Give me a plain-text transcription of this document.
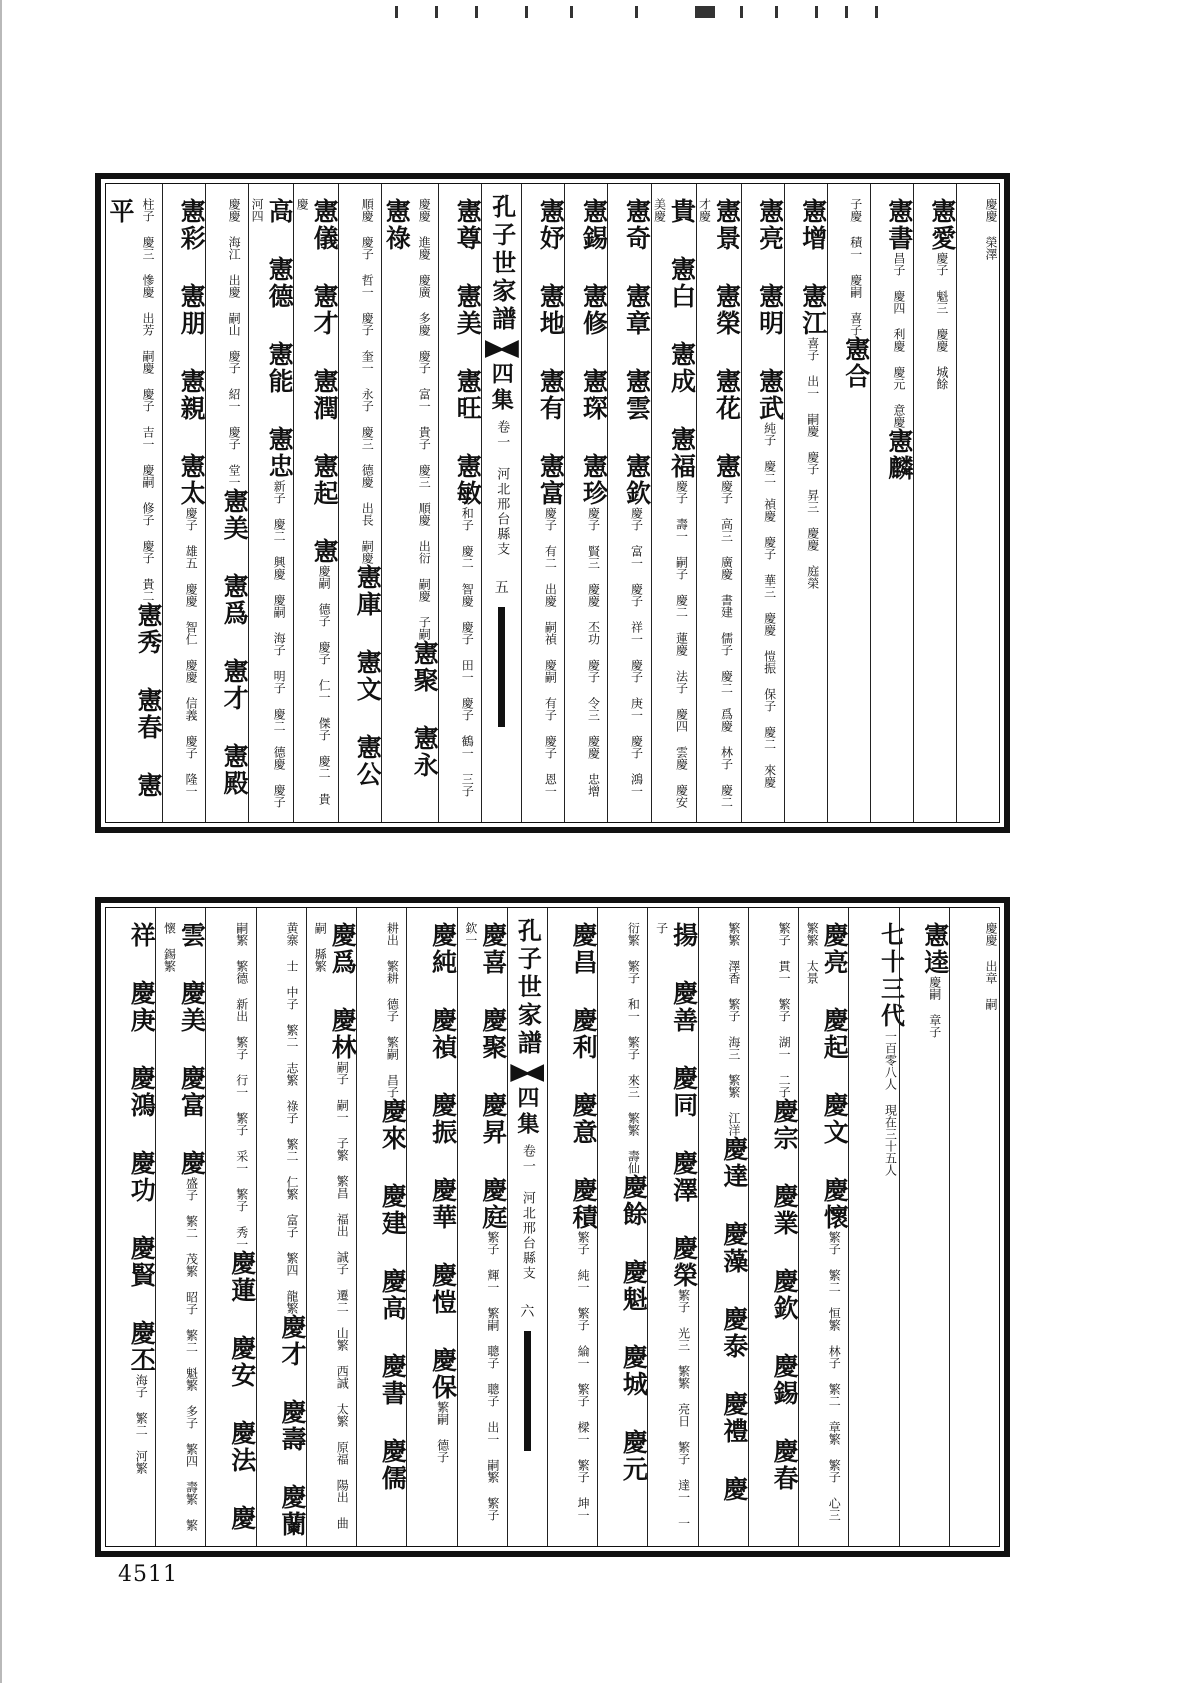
慶慶 榮澤
憲愛慶子 魁三 慶慶 城餘
憲書昌子 慶四 利慶 慶元 意慶憲麟
子慶 積一 慶嗣 喜子憲合
憲增 憲江喜子 出一 嗣慶 慶子 昇三 慶慶 庭榮
憲亮 憲明 憲武純子 慶二 禎慶 慶子 華三 慶慶 愷振 保子 慶二 來慶
憲景 憲榮 憲花 憲慶子 高三 廣慶 書建 儒子 慶二 爲慶 林子 慶二 才慶
貴 憲白 憲成 憲福慶子 壽一 嗣子 慶二 蓮慶 法子 慶四 雲慶 慶安 美慶
憲奇 憲章 憲雲 憲欽慶子 富一 慶子 祥一 慶子 庚一 慶子 鴻一
憲錫 憲修 憲琛 憲珍慶子 賢三 慶慶 丕功 慶子 令三 慶慶 忠增
憲妤 憲地 憲有 憲富慶子 有二 出慶 嗣禎 慶嗣 有子 慶子 恩一
孔子世家譜
四集
卷一 河北邢台縣支
五
憲尊 憲美 憲旺 憲敏和子 慶二 智慶 慶子 田一 慶子 鶴一 三子
慶慶 進慶 慶廣 多慶 慶子 富一 貴子 慶三 順慶 出衍 嗣慶 子嗣憲聚 憲永 憲祿
順慶 慶子 哲一 慶子 奎一 永子 慶三 德慶 出長 嗣慶憲庫 憲文 憲公
憲儀 憲才 憲潤 憲起 憲慶嗣 德子 慶子 仁一 傑子 慶二 貴慶
高 憲德 憲能 憲忠新子 慶二 興慶 慶嗣 海子 明子 慶二 德慶 慶子 河四
慶慶 海江 出慶 嗣山 慶子 紹一 慶子 堂一憲美 憲爲 憲才 憲殿
憲彩 憲朋 憲親 憲太慶子 雄五 慶慶 智仁 慶慶 信義 慶子 隆一
柱子 慶三 慘慶 出芳 嗣慶 慶子 吉一 慶嗣 修子 慶子 貴二憲秀 憲春 憲平
慶慶 出章 嗣
憲逵慶嗣 章子
七十三代一百零八人 現在三十五人
慶亮 慶起 慶文 慶懷繁子 繁二 恒繁 林子 繁二 章繁 繁子 心三 繁繁 太景
繁子 貫一 繁子 湖一 二子慶宗 慶業 慶欽 慶錫 慶春
繁繁 澤香 繁子 海三 繁繁 江洋慶達 慶藻 慶泰 慶禮 慶
揚 慶善 慶同 慶澤 慶榮繁子 光三 繁繁 亮日 繁子 達一 一子
衍繁 繁子 和一 繁子 來三 繁繁 壽仙慶餘 慶魁 慶城 慶元
慶昌 慶利 慶意 慶積繁子 純一 繁子 綸一 繁子 樑一 繁子 坤一
孔子世家譜
四集
卷一 河北邢台縣支
六
慶喜 慶聚 慶昇 慶庭繁子 輝一 繁嗣 聰子 聰子 出一 嗣繁 繁子 欽一
慶純 慶禎 慶振 慶華 慶愷 慶保繁嗣 德子
耕出 繁耕 德子 繁嗣 昌子慶來 慶建 慶高 慶書 慶儒
慶爲 慶林嗣子 嗣一 子繁 繁昌 福出 誠子 遷二 山繁 西誠 太繁 原福 陽出 曲嗣 縣繁
黄寨 士 中子 繁二 志繁 祿子 繁二 仁繁 富子 繁四 龍繁慶才 慶壽 慶蘭
嗣繁 繁德 新出 繁子 行一 繁子 采一 繁子 秀一慶蓮 慶安 慶法 慶
雲 慶美 慶富 慶盛子 繁二 茂繁 昭子 繁二 魁繁 多子 繁四 壽繁 繁懷 錫繁
祥 慶庚 慶鴻 慶功 慶賢 慶丕海子 繁二 河繁
4511
